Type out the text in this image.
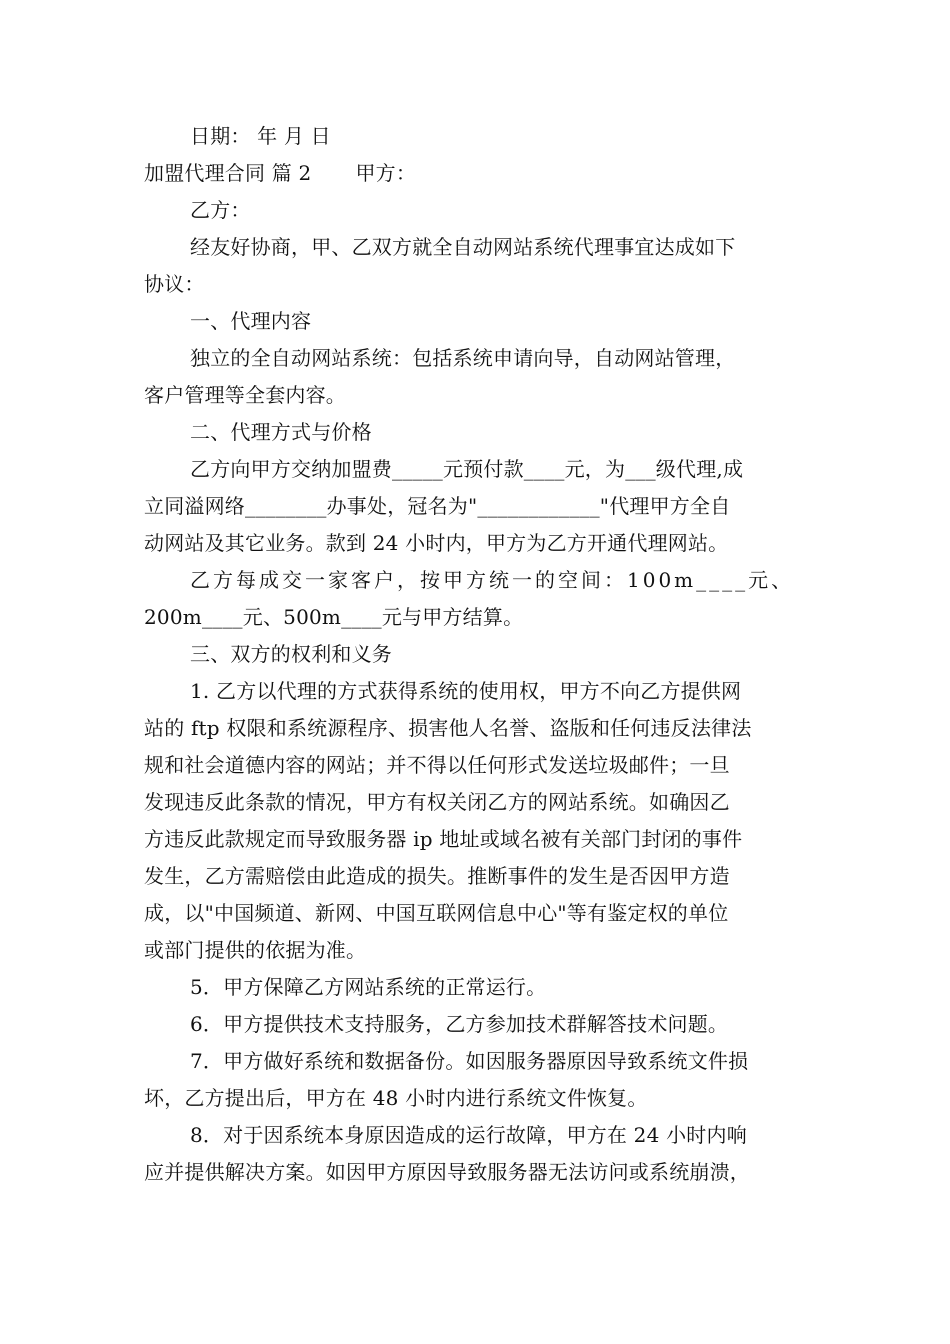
日期： 年 月 日
加盟代理合同 篇 2 甲方：
乙方：
经友好协商，甲、乙双方就全自动网站系统代理事宜达成如下
协议：
一、代理内容
独立的全自动网站系统：包括系统申请向导，自动网站管理，
客户管理等全套内容。
二、代理方式与价格
乙方向甲方交纳加盟费_____元预付款____元，为___级代理,成
立同溢网络________办事处，冠名为"____________"代理甲方全自
动网站及其它业务。款到 24 小时内，甲方为乙方开通代理网站。
乙方每成交一家客户，按甲方统一的空间：100m____元、
200m____元、500m____元与甲方结算。
三、双方的权利和义务
1. 乙方以代理的方式获得系统的使用权，甲方不向乙方提供网
站的 ftp 权限和系统源程序、损害他人名誉、盗版和任何违反法律法
规和社会道德内容的网站；并不得以任何形式发送垃圾邮件；一旦
发现违反此条款的情况，甲方有权关闭乙方的网站系统。如确因乙
方违反此款规定而导致服务器 ip 地址或域名被有关部门封闭的事件
发生，乙方需赔偿由此造成的损失。推断事件的发生是否因甲方造
成，以"中国频道、新网、中国互联网信息中心"等有鉴定权的单位
或部门提供的依据为准。
5．甲方保障乙方网站系统的正常运行。
6．甲方提供技术支持服务，乙方参加技术群解答技术问题。
7．甲方做好系统和数据备份。如因服务器原因导致系统文件损
坏，乙方提出后，甲方在 48 小时内进行系统文件恢复。
8．对于因系统本身原因造成的运行故障，甲方在 24 小时内响
应并提供解决方案。如因甲方原因导致服务器无法访问或系统崩溃，
